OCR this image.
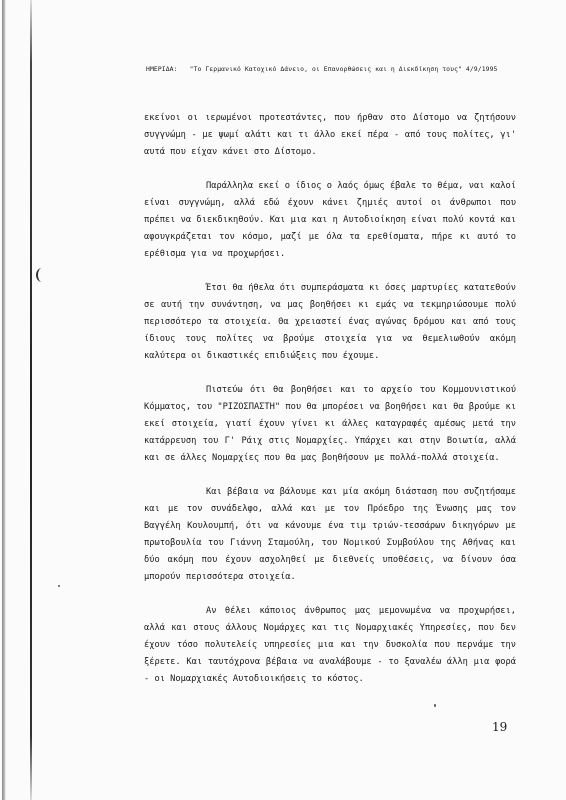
ΗΜΕΡΙΔΑ: "Το Γερμανικό Κατοχικό Δάνειο, οι Επανορθώσεις και η Διεκδίκηση τους" 4/9/1995

εκείνοι οι ιερωμένοι προτεστάντες, που ήρθαν στο Δίστομο να ζητήσουν συγγνώμη - με ψωμί αλάτι και τι άλλο εκεί πέρα - από τους πολίτες, γι' αυτά που είχαν κάνει στο Δίστομο.

Παράλληλα εκεί ο ίδιος ο λαός όμως έβαλε το θέμα, ναι καλοί είναι συγγνώμη, αλλά εδώ έχουν κάνει ζημιές αυτοί οι άνθρωποι που πρέπει να διεκδικηθούν. Και μια και η Αυτοδιοίκηση είναι πολύ κοντά και αφουγκράζεται τον κόσμο, μαζί με όλα τα ερεθίσματα, πήρε κι αυτό το ερέθισμα για να προχωρήσει.

Έτσι θα ήθελα ότι συμπεράσματα κι όσες μαρτυρίες κατατεθούν σε αυτή την συνάντηση, να μας βοηθήσει κι εμάς να τεκμηριώσουμε πολύ περισσότερο τα στοιχεία. Θα χρειαστεί ένας αγώνας δρόμου και από τους ίδιους τους πολίτες να βρούμε στοιχεία για να θεμελιωθούν ακόμη καλύτερα οι δικαστικές επιδιώξεις που έχουμε.

Πιστεύω ότι θα βοηθήσει και το αρχείο του Κομμουνιστικού Κόμματος, του "ΡΙΖΟΣΠΑΣΤΗ" που θα μπορέσει να βοηθήσει και θα βρούμε κι εκεί στοιχεία, γιατί έχουν γίνει κι άλλες καταγραφές αμέσως μετά την κατάρρευση του Γ' Ράιχ στις Νομαρχίες. Υπάρχει και στην Βοιωτία, αλλά και σε άλλες Νομαρχίες που θα μας βοηθήσουν με πολλά-πολλά στοιχεία.

Και βέβαια να βάλουμε και μία ακόμη διάσταση που συζητήσαμε και με τον συνάδελφο, αλλά και με τον Πρόεδρο της Ένωσης μας τον Βαγγέλη Κουλουμπή, ότι να κάνουμε ένα τιμ τριών-τεσσάρων δικηγόρων με πρωτοβουλία του Γιάννη Σταμούλη, του Νομικού Συμβούλου της Αθήνας και δύο ακόμη που έχουν ασχοληθεί με διεθνείς υποθέσεις, να δίνουν όσα μπορούν περισσότερα στοιχεία.

Αν θέλει κάποιος άνθρωπος μας μεμονωμένα να προχωρήσει, αλλά και στους άλλους Νομάρχες και τις Νομαρχιακές Υπηρεσίες, που δεν έχουν τόσο πολυτελείς υπηρεσίες μια και την δυσκολία που περνάμε την ξέρετε. Και ταυτόχρονα βέβαια να αναλάβουμε - το ξαναλέω άλλη μια φορά - οι Νομαρχιακές Αυτοδιοικήσεις το κόστος.

19
